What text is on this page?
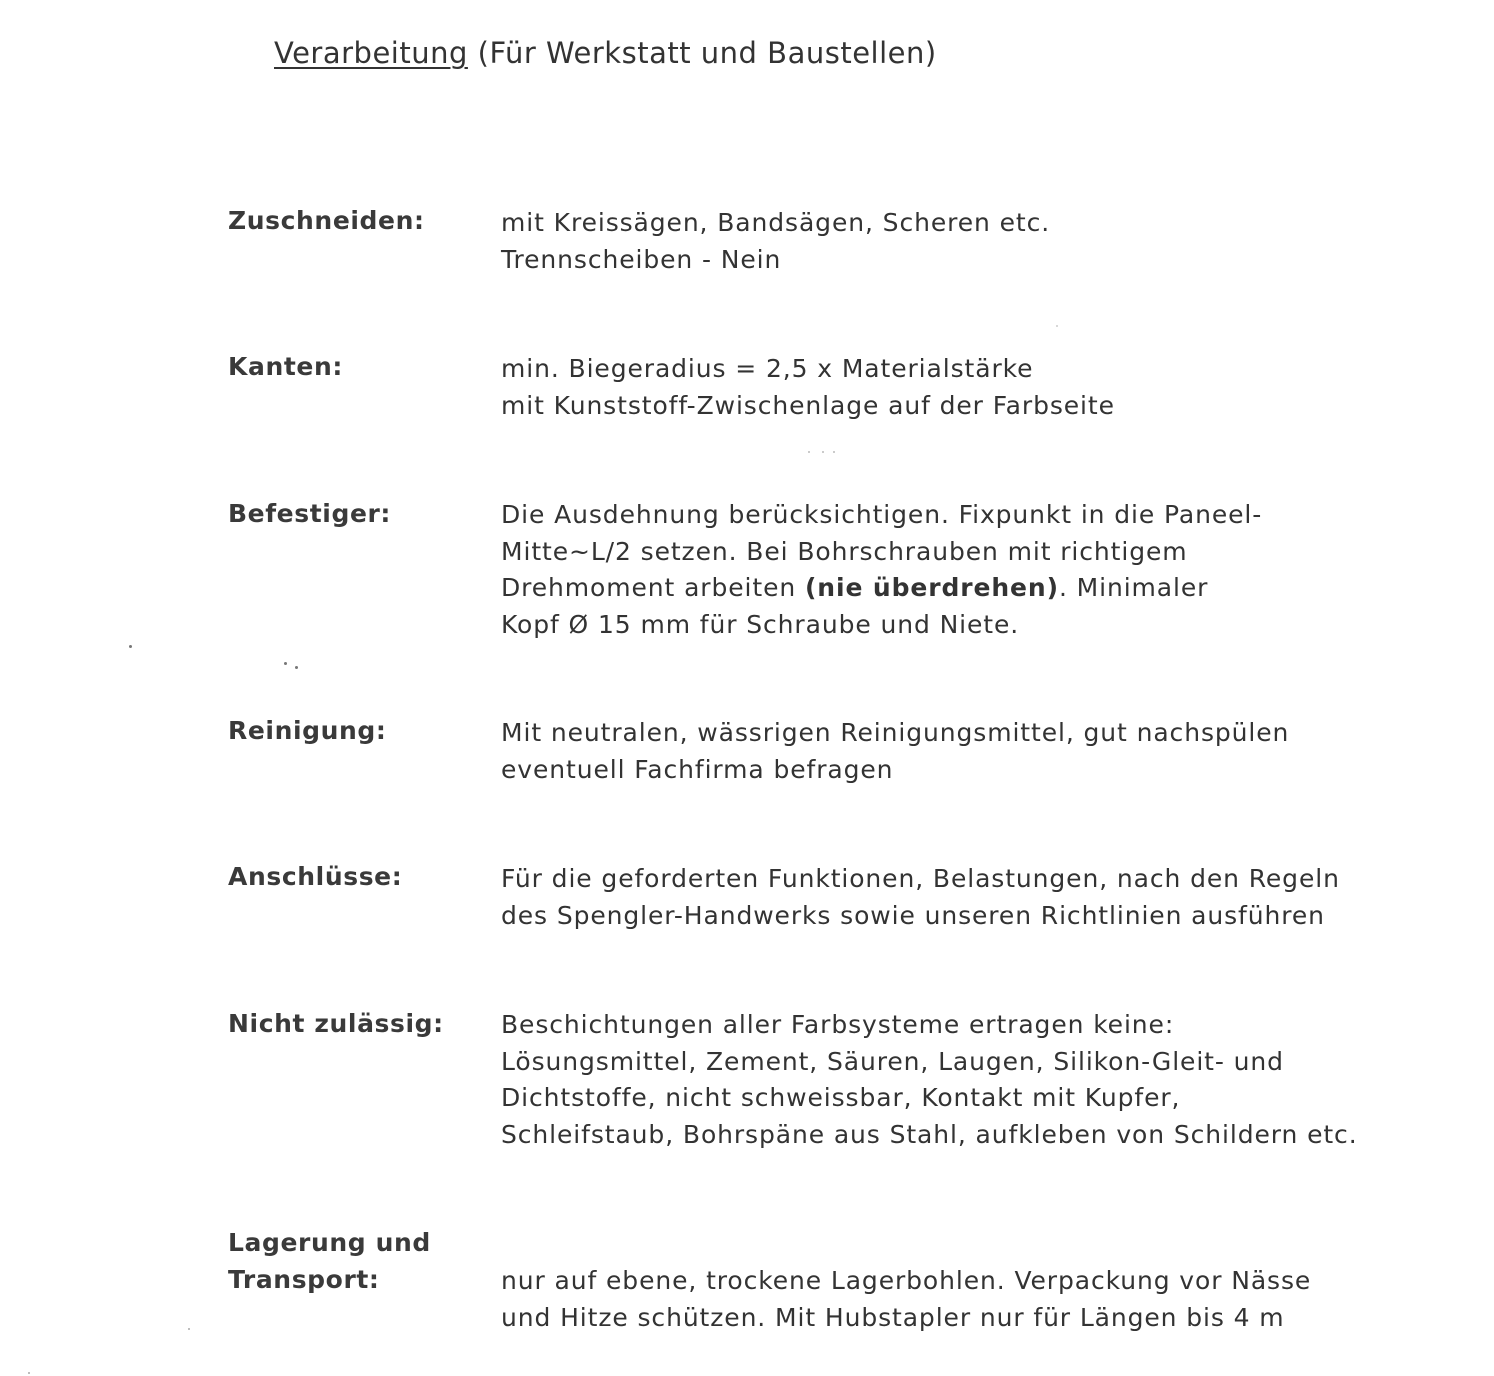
Verarbeitung (Für Werkstatt und Baustellen)
Zuschneiden:	mit Kreissägen, Bandsägen, Scheren etc.
Trennscheiben - Nein
Kanten:	min. Biegeradius = 2,5 x Materialstärke
mit Kunststoff-Zwischenlage auf der Farbseite
Befestiger:	Die Ausdehnung berücksichtigen. Fixpunkt in die Paneel-
Mitte~L/2 setzen. Bei Bohrschrauben mit richtigem
Drehmoment arbeiten (nie überdrehen). Minimaler
Kopf Ø 15 mm für Schraube und Niete.
Reinigung:	Mit neutralen, wässrigen Reinigungsmittel, gut nachspülen
eventuell Fachfirma befragen
Anschlüsse:	Für die geforderten Funktionen, Belastungen, nach den Regeln
des Spengler-Handwerks sowie unseren Richtlinien ausführen
Nicht zulässig: Beschichtungen aller Farbsysteme ertragen keine:
Lösungsmittel, Zement, Säuren, Laugen, Silikon-Gleit- und
Dichtstoffe, nicht schweissbar, Kontakt mit Kupfer,
Schleifstaub, Bohrspäne aus Stahl, aufkleben von Schildern etc.
Lagerung und
Transport:	nur auf ebene, trockene Lagerbohlen. Verpackung vor Nässe
und Hitze schützen. Mit Hubstapler nur für Längen bis 4 m
